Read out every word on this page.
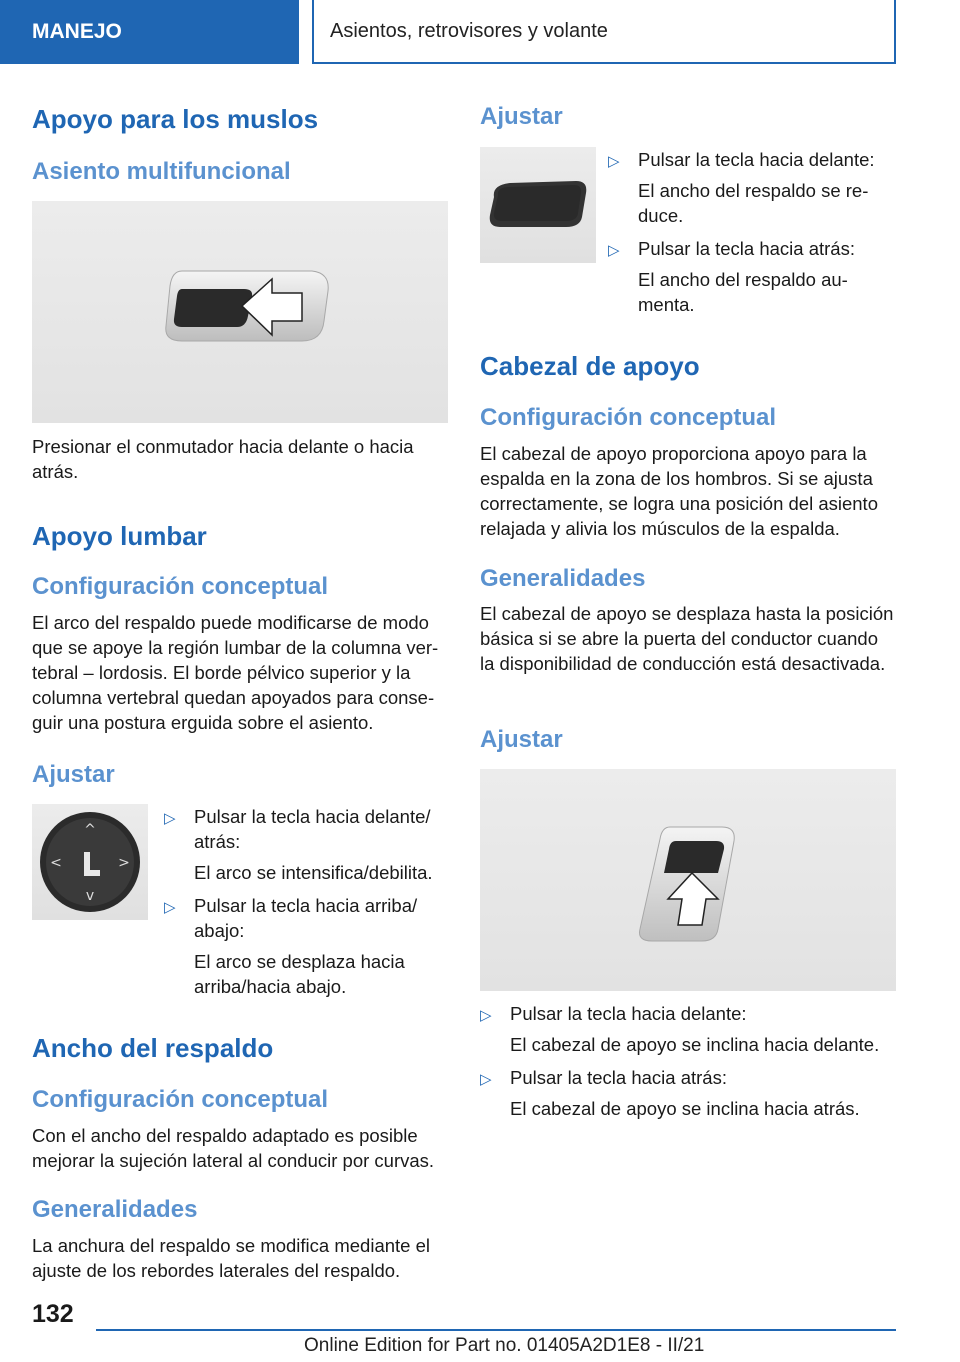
MANEJO	Asientos, retrovisores y volante
Apoyo para los muslos
Asiento multifuncional
Presionar el conmutador hacia delante o hacia atrás.
Apoyo lumbar
Configuración conceptual
El arco del respaldo puede modificarse de modo que se apoye la región lumbar de la columna vertebral – lordosis. El borde pélvico superior y la columna vertebral quedan apoyados para conseguir una postura erguida sobre el asiento.
Ajustar
^
v
<	>
▷ Pulsar la tecla hacia delante/ atrás:
El arco se intensifica/debilita.
▷ Pulsar la tecla hacia arriba/ abajo:
El arco se desplaza hacia arriba/hacia abajo.
Ancho del respaldo
Configuración conceptual
Con el ancho del respaldo adaptado es posible mejorar la sujeción lateral al conducir por curvas.
Generalidades
La anchura del respaldo se modifica mediante el ajuste de los rebordes laterales del respaldo.
Ajustar
▷ Pulsar la tecla hacia delante:
El ancho del respaldo se reduce.
▷ Pulsar la tecla hacia atrás:
El ancho del respaldo aumenta.
Cabezal de apoyo
Configuración conceptual
El cabezal de apoyo proporciona apoyo para la espalda en la zona de los hombros. Si se ajusta correctamente, se logra una posición del asiento relajada y alivia los músculos de la espalda.
Generalidades
El cabezal de apoyo se desplaza hasta la posición básica si se abre la puerta del conductor cuando la disponibilidad de conducción está desactivada.
Ajustar
▷ Pulsar la tecla hacia delante:
El cabezal de apoyo se inclina hacia delante.
▷ Pulsar la tecla hacia atrás:
El cabezal de apoyo se inclina hacia atrás.
132
Online Edition for Part no. 01405A2D1E8 - II/21
